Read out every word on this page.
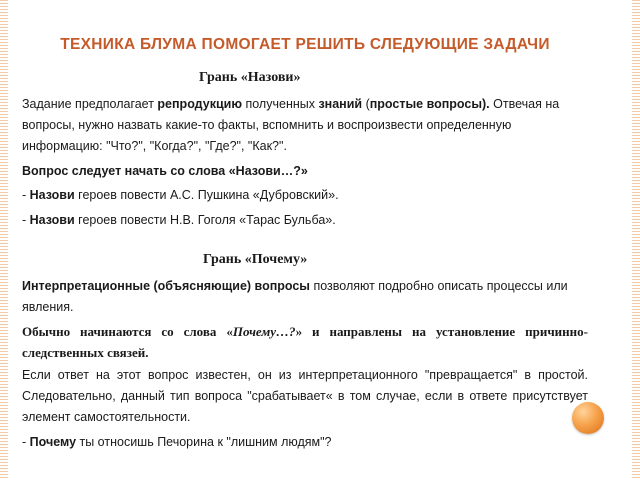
ТЕХНИКА БЛУМА ПОМОГАЕТ РЕШИТЬ СЛЕДУЮЩИЕ ЗАДАЧИ
Грань «Назови»

Задание предполагает репродукцию полученных знаний (простые вопросы). Отвечая на вопросы, нужно назвать какие-то факты, вспомнить и воспроизвести определенную информацию: "Что?", "Когда?", "Где?", "Как?".

Вопрос следует начать со слова «Назови…?»

- Назови героев повести А.С. Пушкина «Дубровский».

- Назови героев повести Н.В. Гоголя «Тарас Бульба».

Грань «Почему»

Интерпретационные (объясняющие) вопросы позволяют подробно описать процессы или явления.

Обычно начинаются со слова «Почему…?» и направлены на установление причинно-следственных связей.

Если ответ на этот вопрос известен, он из интерпретационного "превращается" в простой. Следовательно, данный тип вопроса "срабатывает« в том случае, если в ответе присутствует элемент самостоятельности.

- Почему ты относишь Печорина к "лишним людям"?
